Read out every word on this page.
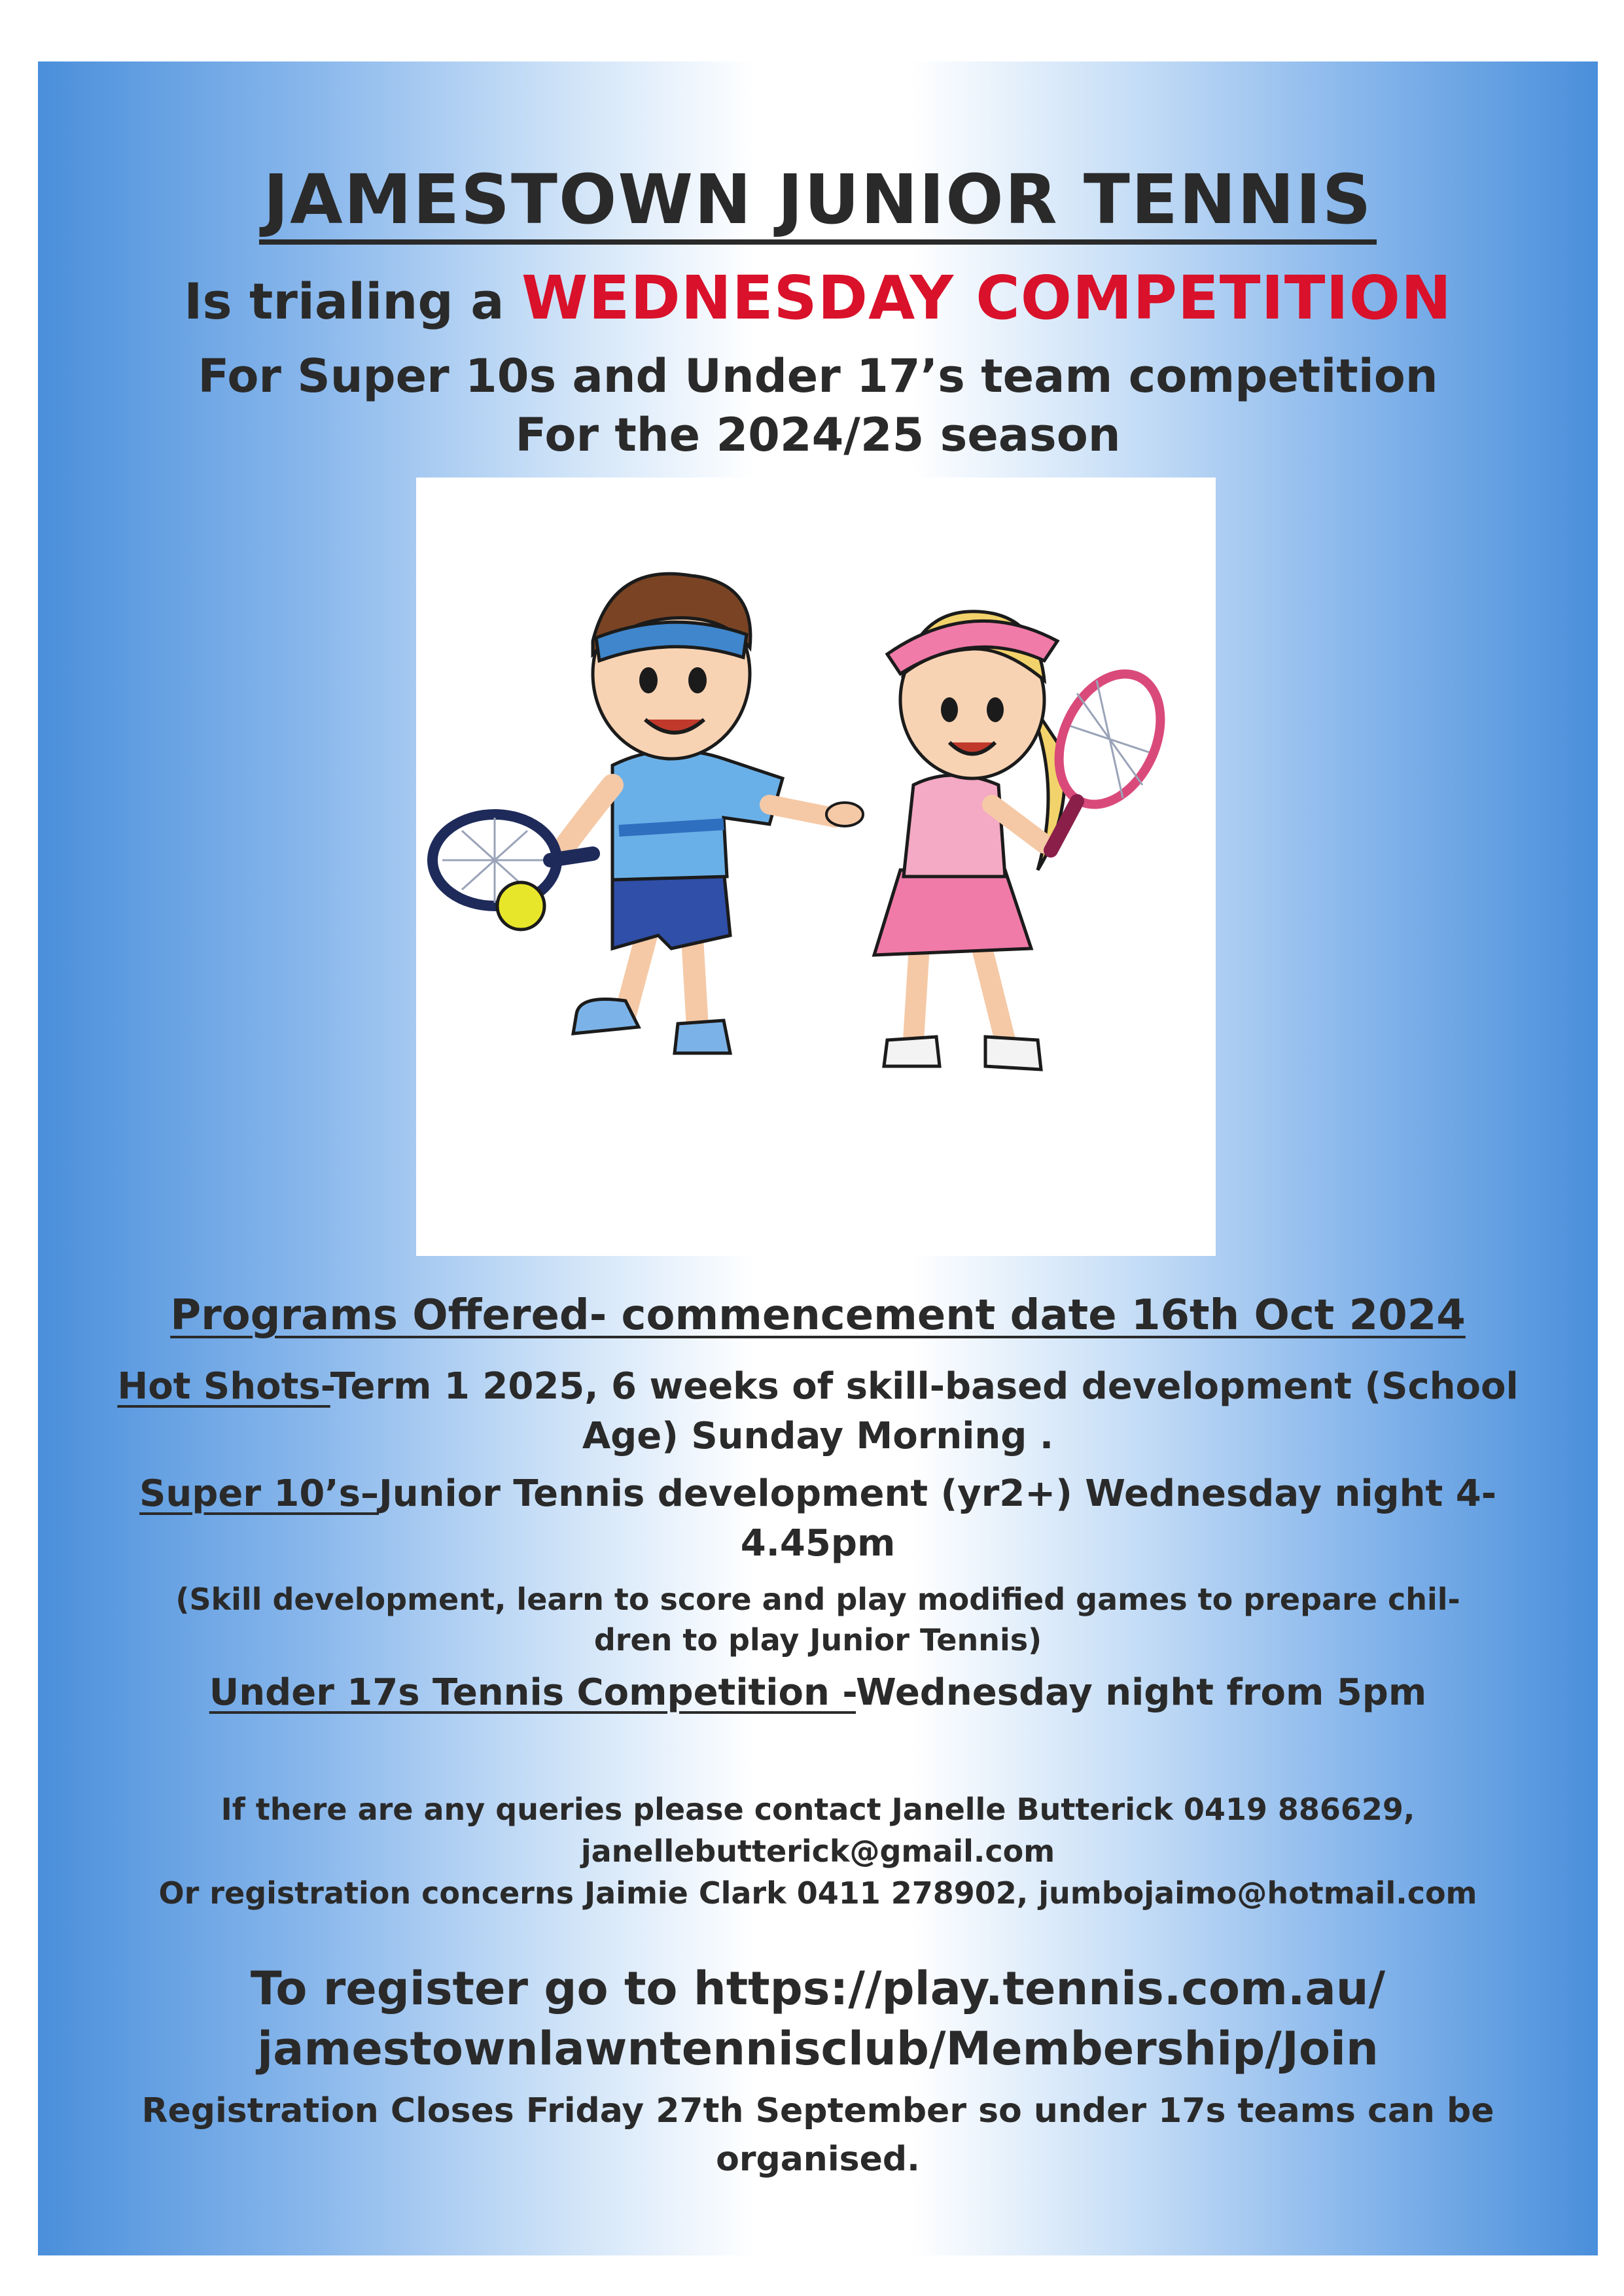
JAMESTOWN JUNIOR TENNIS
Is trialing a WEDNESDAY COMPETITION
For Super 10s and Under 17’s team competition
For the 2024/25 season
Programs Offered- commencement date 16th Oct 2024
Hot Shots-Term 1 2025, 6 weeks of skill-based development (School
Age) Sunday Morning .
Super 10’s–Junior Tennis development (yr2+) Wednesday night 4-
4.45pm
(Skill development, learn to score and play modified games to prepare chil-
dren to play Junior Tennis)
Under 17s Tennis Competition -Wednesday night from 5pm
If there are any queries please contact Janelle Butterick 0419 886629,
janellebutterick@gmail.com
Or registration concerns Jaimie Clark 0411 278902, jumbojaimo@hotmail.com
To register go to https://play.tennis.com.au/
jamestownlawntennisclub/Membership/Join
Registration Closes Friday 27th September so under 17s teams can be
organised.
